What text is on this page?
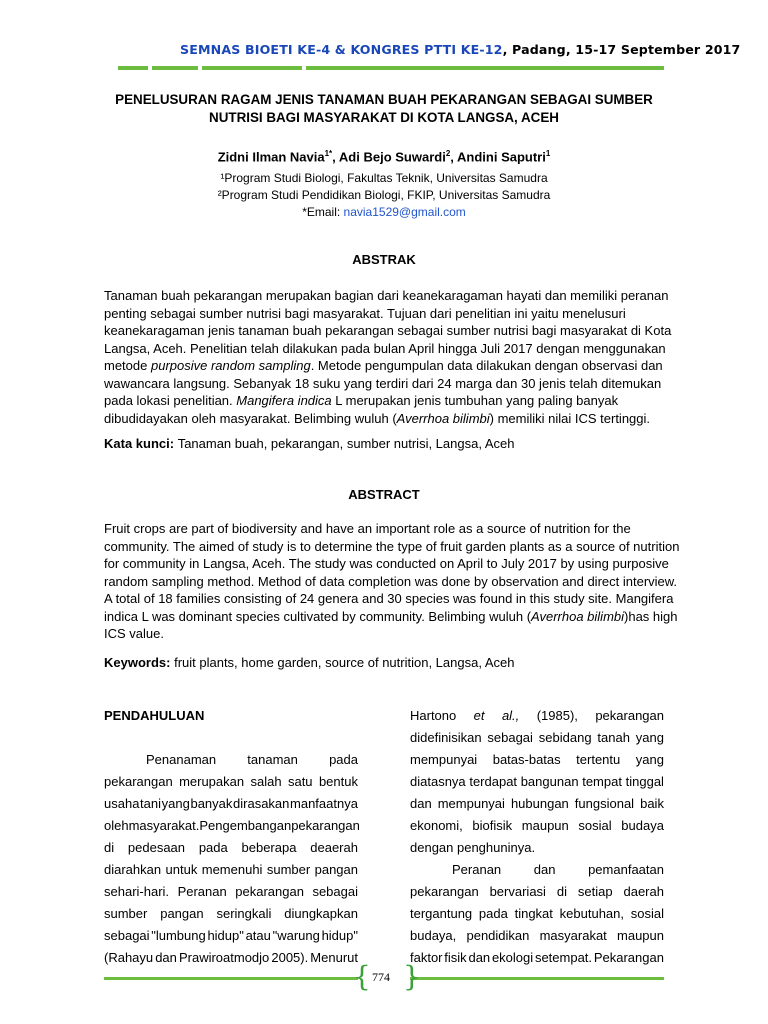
SEMNAS BIOETI KE-4 & KONGRES PTTI KE-12, Padang, 15-17 September 2017
PENELUSURAN RAGAM JENIS TANAMAN BUAH PEKARANGAN SEBAGAI SUMBER
NUTRISI BAGI MASYARAKAT DI KOTA LANGSA, ACEH
Zidni Ilman Navia$^{1*}$, Adi Bejo Suwardi$^2$, Andini Saputri$^1$
¹Program Studi Biologi, Fakultas Teknik, Universitas Samudra
²Program Studi Pendidikan Biologi, FKIP, Universitas Samudra
*Email: navia1529@gmail.com
ABSTRAK
Tanaman buah pekarangan merupakan bagian dari keanekaragaman hayati dan memiliki peranan
penting sebagai sumber nutrisi bagi masyarakat. Tujuan dari penelitian ini yaitu menelusuri
keanekaragaman jenis tanaman buah pekarangan sebagai sumber nutrisi bagi masyarakat di Kota
Langsa, Aceh. Penelitian telah dilakukan pada bulan April hingga Juli 2017 dengan menggunakan
metode purposive random sampling. Metode pengumpulan data dilakukan dengan observasi dan
wawancara langsung. Sebanyak 18 suku yang terdiri dari 24 marga dan 30 jenis telah ditemukan
pada lokasi penelitian. Mangifera indica L merupakan jenis tumbuhan yang paling banyak
dibudidayakan oleh masyarakat. Belimbing wuluh (Averrhoa bilimbi) memiliki nilai ICS tertinggi.
Kata kunci: Tanaman buah, pekarangan, sumber nutrisi, Langsa, Aceh
ABSTRACT
Fruit crops are part of biodiversity and have an important role as a source of nutrition for the
community. The aimed of study is to determine the type of fruit garden plants as a source of nutrition
for community in Langsa, Aceh. The study was conducted on April to July 2017 by using purposive
random sampling method. Method of data completion was done by observation and direct interview.
A total of 18 families consisting of 24 genera and 30 species was found in this study site. Mangifera
indica L was dominant species cultivated by community. Belimbing wuluh (Averrhoa bilimbi)has high
ICS value.
Keywords: fruit plants, home garden, source of nutrition, Langsa, Aceh
PENDAHULUAN
Penanaman tanaman pada
pekarangan merupakan salah satu bentuk
usaha tani yang banyak dirasakan manfaatnya
oleh masyarakat. Pengembangan pekarangan
di pedesaan pada beberapa deaerah
diarahkan untuk memenuhi sumber pangan
sehari-hari. Peranan pekarangan sebagai
sumber pangan seringkali diungkapkan
sebagai "lumbung hidup" atau "warung hidup"
(Rahayu dan Prawiroatmodjo 2005). Menurut
Hartono et al., (1985), pekarangan
didefinisikan sebagai sebidang tanah yang
mempunyai batas-batas tertentu yang
diatasnya terdapat bangunan tempat tinggal
dan mempunyai hubungan fungsional baik
ekonomi, biofisik maupun sosial budaya
dengan penghuninya.
Peranan	dan	pemanfaatan
pekarangan bervariasi di setiap daerah
tergantung pada tingkat kebutuhan, sosial
budaya, pendidikan masyarakat maupun
faktor fisik dan ekologi setempat. Pekarangan
{ }
774
